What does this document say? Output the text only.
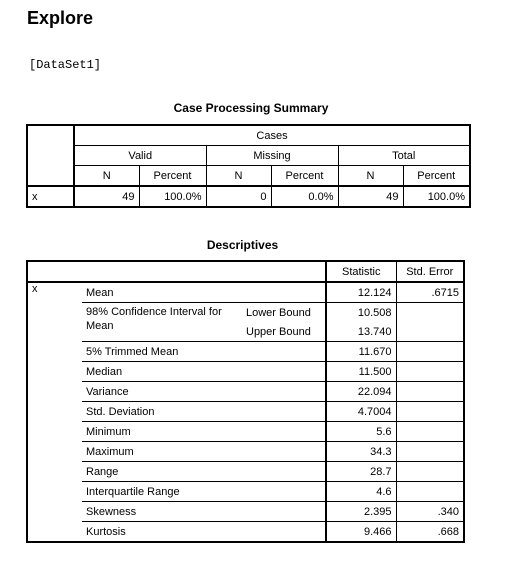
Explore
[DataSet1]
Case Processing Summary
	Cases					
	Valid		Missing		Total	
	N	Percent	N	Percent	N	Percent
x	49	100.0%	0	0.0%	49	100.0%
Descriptives
			Statistic	Std. Error
x	Mean		12.124	.6715
	98% Confidence Interval for Mean	Lower Bound	10.508	
		Upper Bound	13.740	
	5% Trimmed Mean		11.670	
	Median		11.500	
	Variance		22.094	
	Std. Deviation		4.7004	
	Minimum		5.6	
	Maximum		34.3	
	Range		28.7	
	Interquartile Range		4.6	
	Skewness		2.395	.340
	Kurtosis		9.466	.668
